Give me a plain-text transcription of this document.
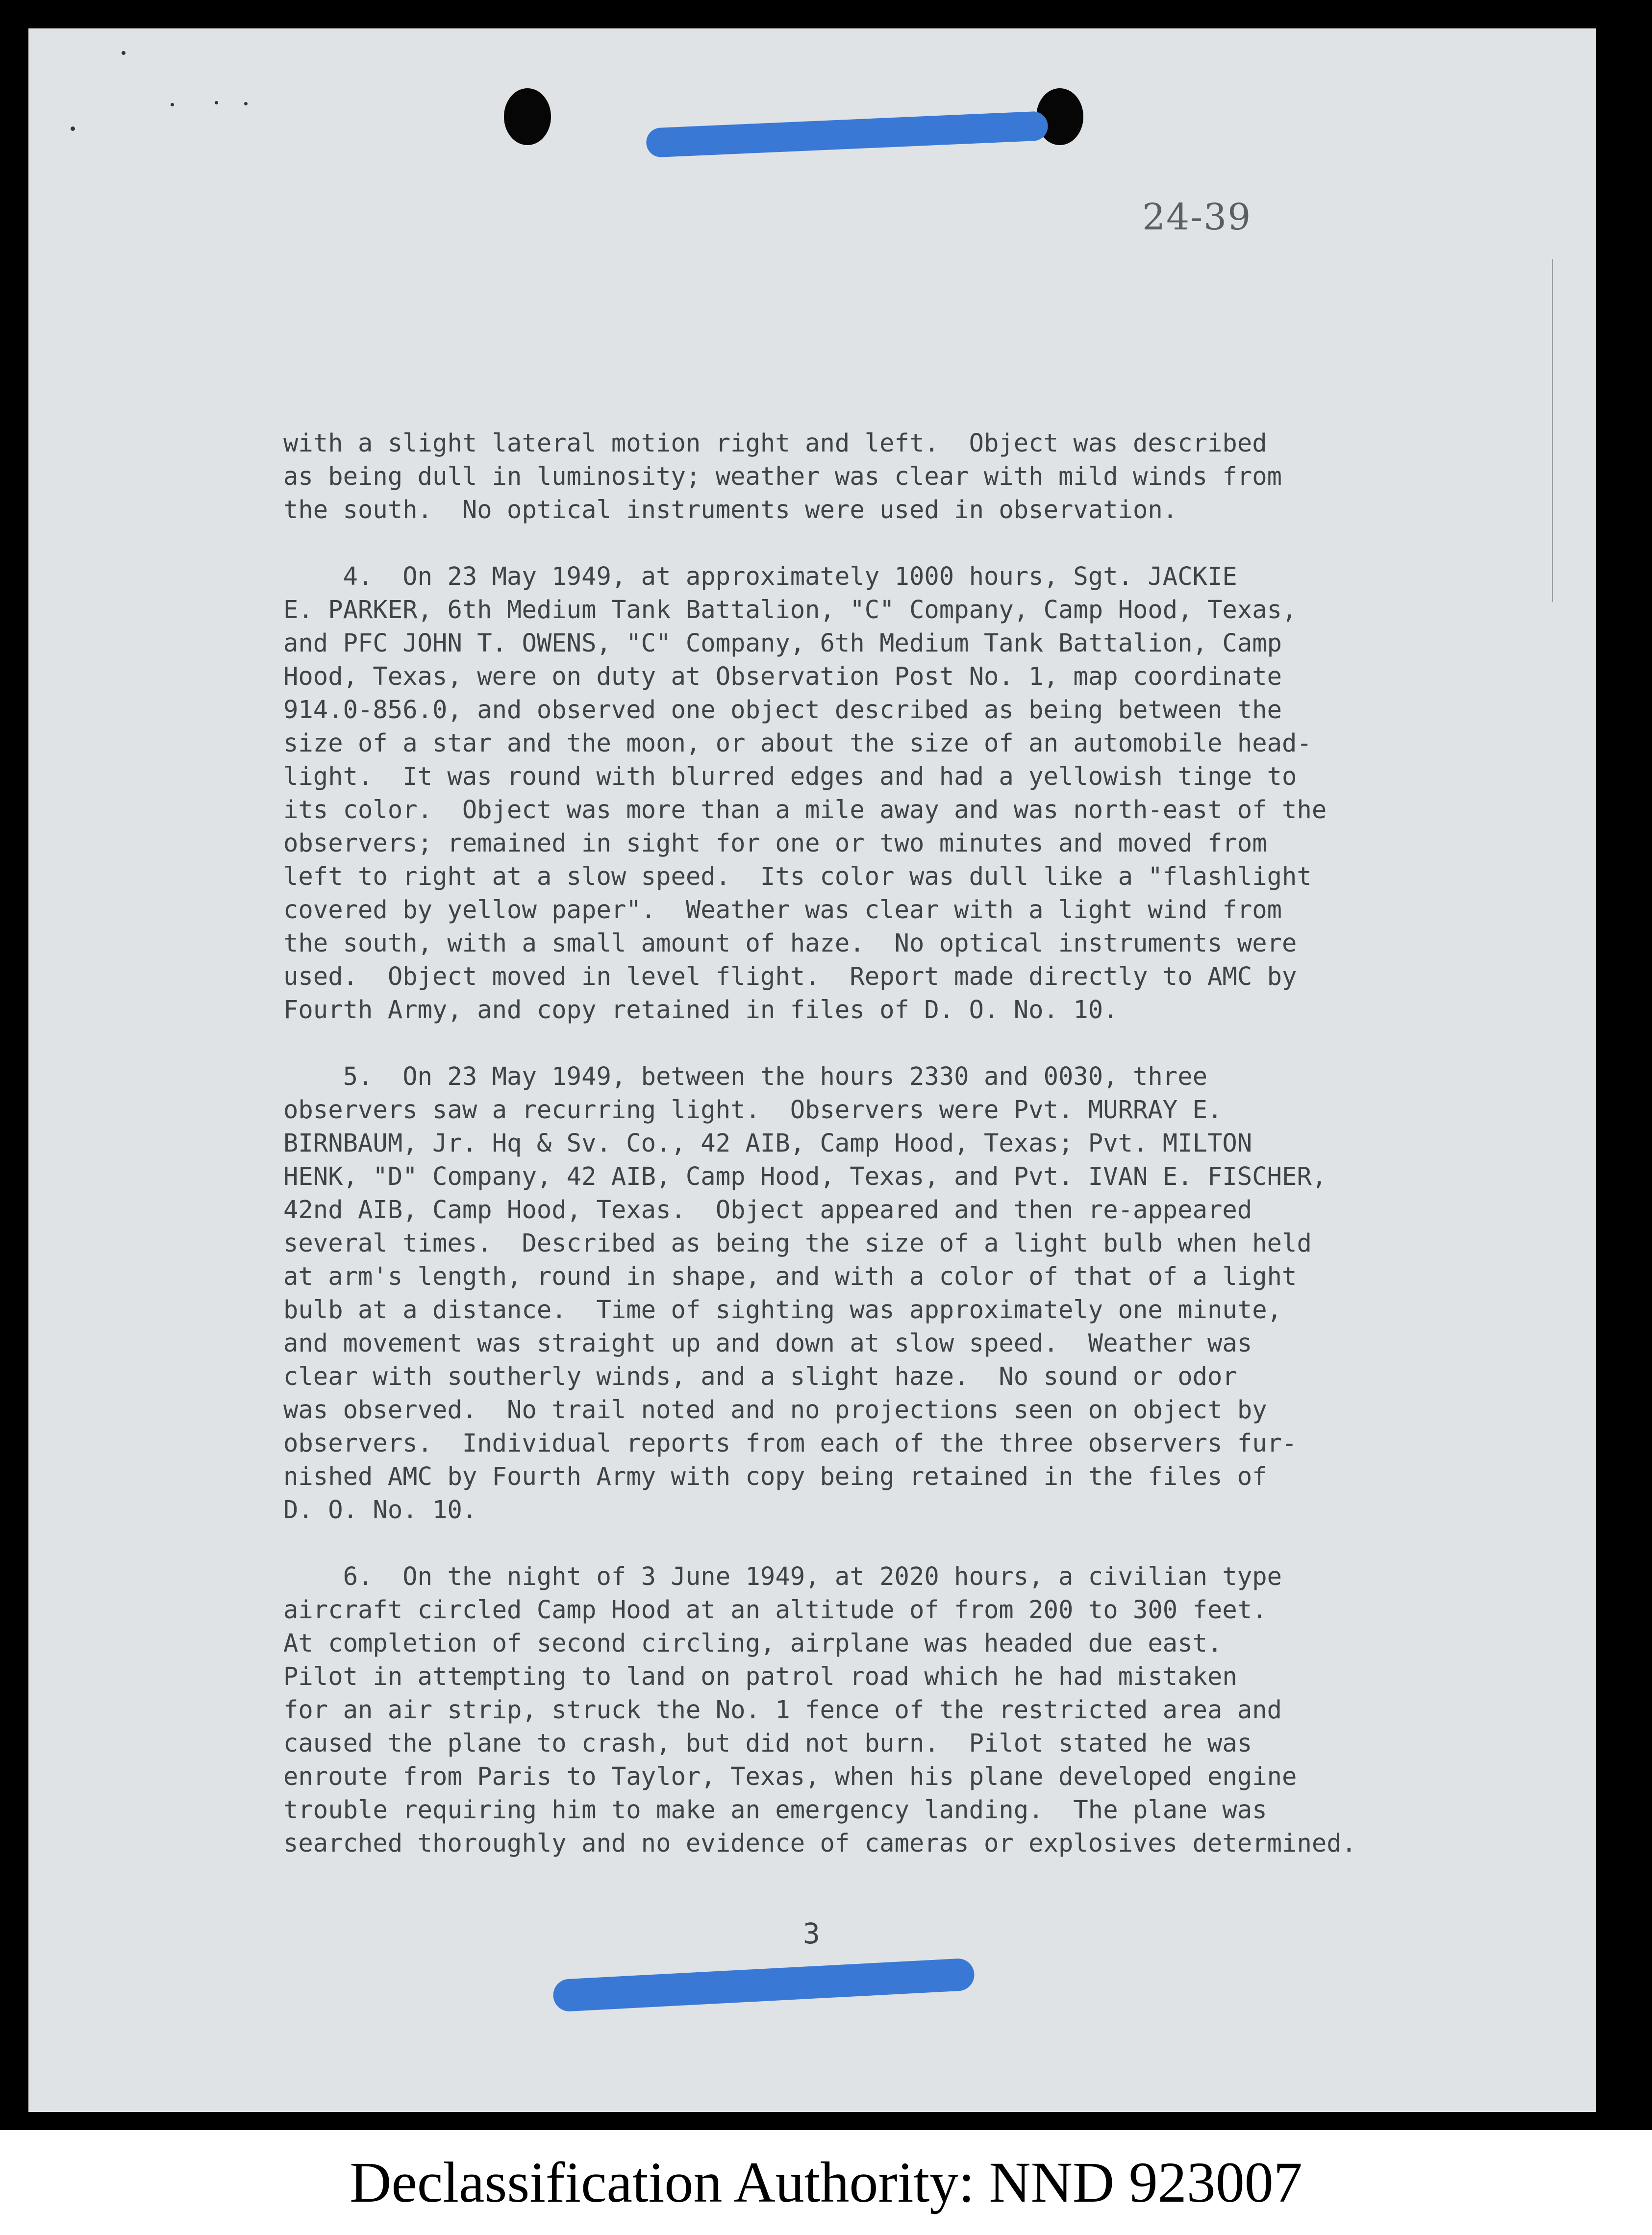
24-39
with a slight lateral motion right and left.  Object was described
as being dull in luminosity; weather was clear with mild winds from
the south.  No optical instruments were used in observation.
4.  On 23 May 1949, at approximately 1000 hours, Sgt. JACKIE
E. PARKER, 6th Medium Tank Battalion, "C" Company, Camp Hood, Texas,
and PFC JOHN T. OWENS, "C" Company, 6th Medium Tank Battalion, Camp
Hood, Texas, were on duty at Observation Post No. 1, map coordinate
914.0-856.0, and observed one object described as being between the
size of a star and the moon, or about the size of an automobile head-
light.  It was round with blurred edges and had a yellowish tinge to
its color.  Object was more than a mile away and was north-east of the
observers; remained in sight for one or two minutes and moved from
left to right at a slow speed.  Its color was dull like a "flashlight
covered by yellow paper".  Weather was clear with a light wind from
the south, with a small amount of haze.  No optical instruments were
used.  Object moved in level flight.  Report made directly to AMC by
Fourth Army, and copy retained in files of D. O. No. 10.
5.  On 23 May 1949, between the hours 2330 and 0030, three
observers saw a recurring light.  Observers were Pvt. MURRAY E.
BIRNBAUM, Jr. Hq & Sv. Co., 42 AIB, Camp Hood, Texas; Pvt. MILTON
HENK, "D" Company, 42 AIB, Camp Hood, Texas, and Pvt. IVAN E. FISCHER,
42nd AIB, Camp Hood, Texas.  Object appeared and then re-appeared
several times.  Described as being the size of a light bulb when held
at arm's length, round in shape, and with a color of that of a light
bulb at a distance.  Time of sighting was approximately one minute,
and movement was straight up and down at slow speed.  Weather was
clear with southerly winds, and a slight haze.  No sound or odor
was observed.  No trail noted and no projections seen on object by
observers.  Individual reports from each of the three observers fur-
nished AMC by Fourth Army with copy being retained in the files of
D. O. No. 10.
6.  On the night of 3 June 1949, at 2020 hours, a civilian type
aircraft circled Camp Hood at an altitude of from 200 to 300 feet.
At completion of second circling, airplane was headed due east.
Pilot in attempting to land on patrol road which he had mistaken
for an air strip, struck the No. 1 fence of the restricted area and
caused the plane to crash, but did not burn.  Pilot stated he was
enroute from Paris to Taylor, Texas, when his plane developed engine
trouble requiring him to make an emergency landing.  The plane was
searched thoroughly and no evidence of cameras or explosives determined.
3
Declassification Authority: NND 923007
